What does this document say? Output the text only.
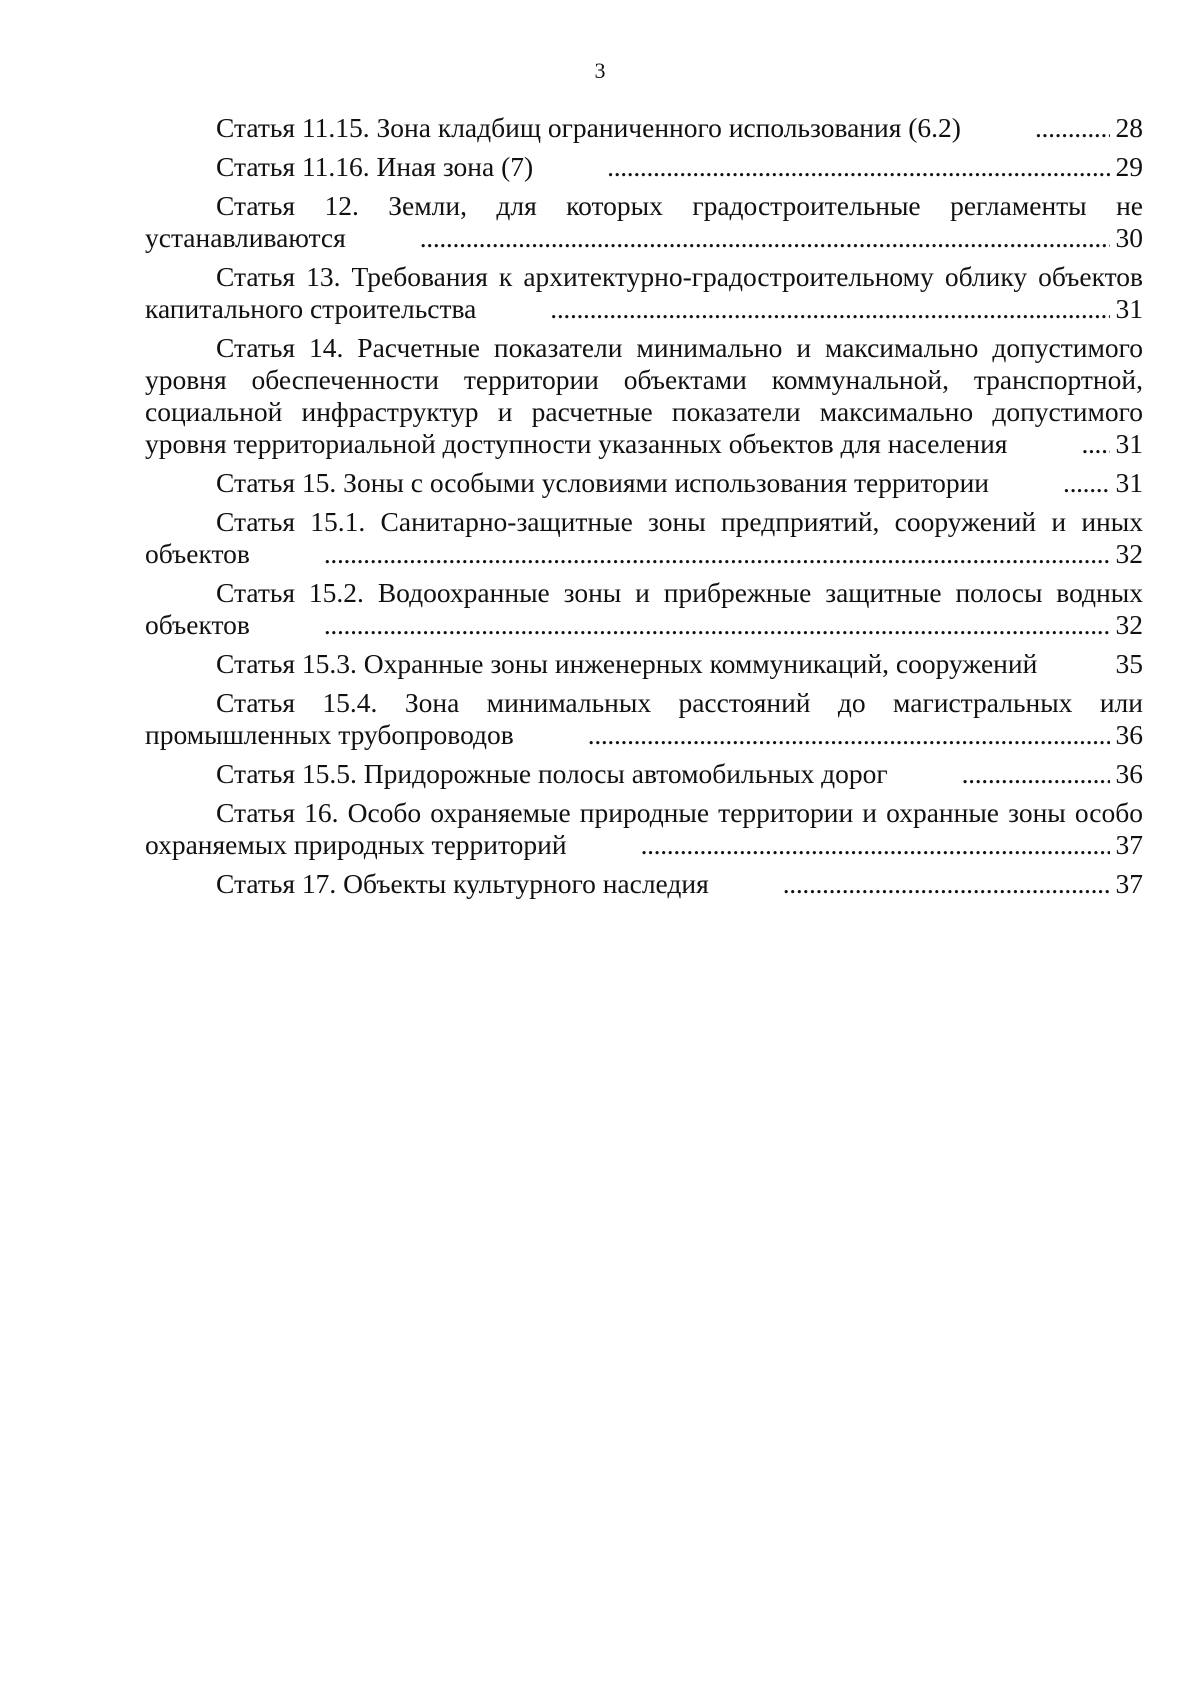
3
Статья 11.15. Зона кладбищ ограниченного использования (6.2) . . .	28
Статья 11.16. Иная зона (7) . . .	29
Статья 12. Земли, для которых градостроительные регламенты не устанавливаются . . .	30
Статья 13. Требования к архитектурно-градостроительному облику объектов капитального строительства . . .	31
Статья 14. Расчетные показатели минимально и максимально допустимого уровня обеспеченности территории объектами коммунальной, транспортной, социальной инфраструктур и расчетные показатели максимально допустимого уровня территориальной доступности указанных объектов для населения . . .	31
Статья 15. Зоны с особыми условиями использования территории . . .	31
Статья 15.1. Санитарно-защитные зоны предприятий, сооружений и иных объектов . . .	32
Статья 15.2. Водоохранные зоны и прибрежные защитные полосы водных объектов . . .	32
Статья 15.3. Охранные зоны инженерных коммуникаций, сооружений . . .	35
Статья 15.4. Зона минимальных расстояний до магистральных или промышленных трубопроводов . . .	36
Статья 15.5. Придорожные полосы автомобильных дорог . . .	36
Статья 16. Особо охраняемые природные территории и охранные зоны особо охраняемых природных территорий . . .	37
Статья 17. Объекты культурного наследия . . .	37
